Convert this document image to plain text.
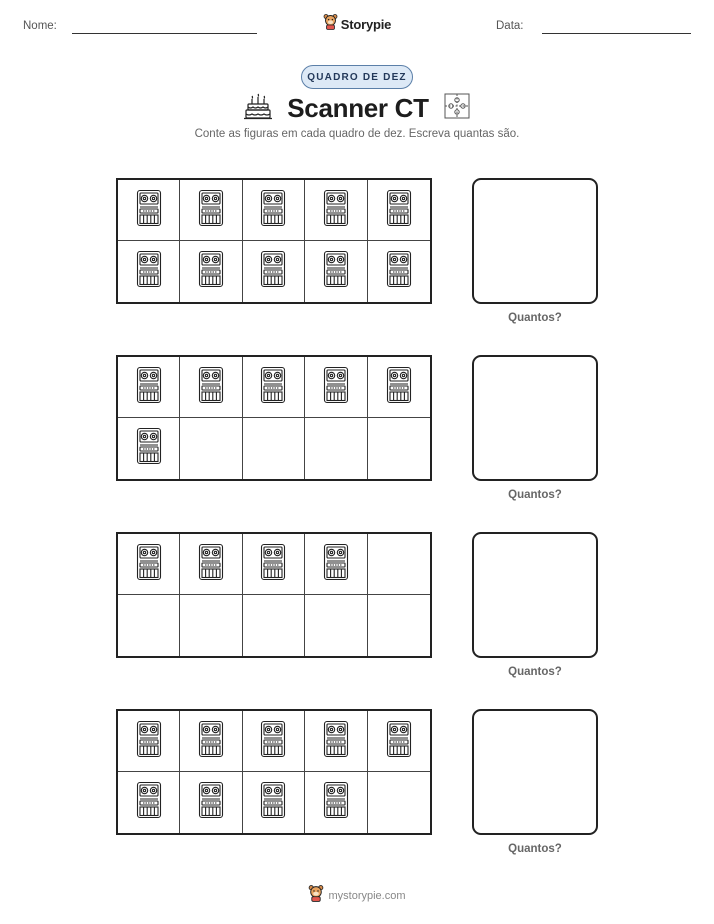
Nome:	Storypie	Data:
QUADRO DE DEZ
Scanner CT
Conte as figuras em cada quadro de dez. Escreva quantas são.
Quantos?
Quantos?
Quantos?
Quantos?
mystorypie.com
